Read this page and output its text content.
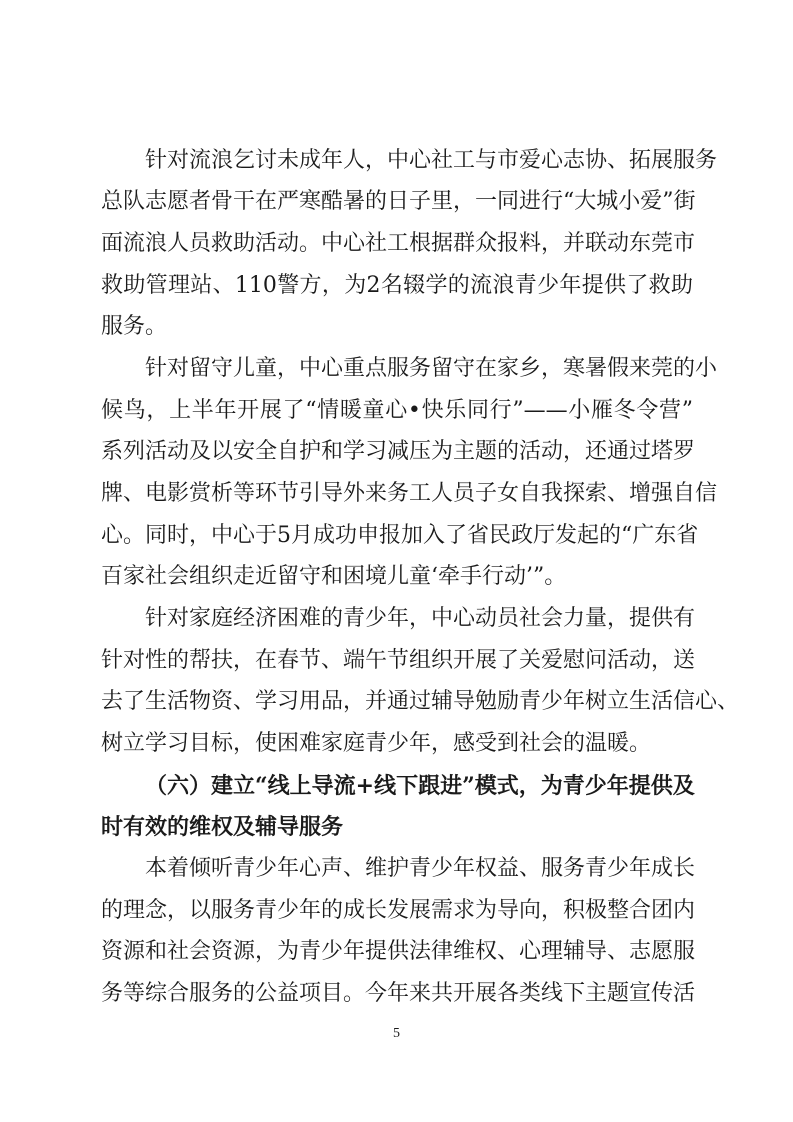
针对流浪乞讨未成年人，中心社工与市爱心志协、拓展服务
总队志愿者骨干在严寒酷暑的日子里，一同进行“大城小爱”街
面流浪人员救助活动。中心社工根据群众报料，并联动东莞市
救助管理站、110警方，为2名辍学的流浪青少年提供了救助
服务。
针对留守儿童，中心重点服务留守在家乡，寒暑假来莞的小
候鸟，上半年开展了“情暖童心•快乐同行”——小雁冬令营”
系列活动及以安全自护和学习减压为主题的活动，还通过塔罗
牌、电影赏析等环节引导外来务工人员子女自我探索、增强自信
心。同时，中心于5月成功申报加入了省民政厅发起的“广东省
百家社会组织走近留守和困境儿童‘牵手行动’”。
针对家庭经济困难的青少年，中心动员社会力量，提供有
针对性的帮扶，在春节、端午节组织开展了关爱慰问活动，送
去了生活物资、学习用品，并通过辅导勉励青少年树立生活信心、
树立学习目标，使困难家庭青少年，感受到社会的温暖。
（六）建立“线上导流+线下跟进”模式，为青少年提供及
时有效的维权及辅导服务
本着倾听青少年心声、维护青少年权益、服务青少年成长
的理念，以服务青少年的成长发展需求为导向，积极整合团内
资源和社会资源，为青少年提供法律维权、心理辅导、志愿服
务等综合服务的公益项目。今年来共开展各类线下主题宣传活
5
